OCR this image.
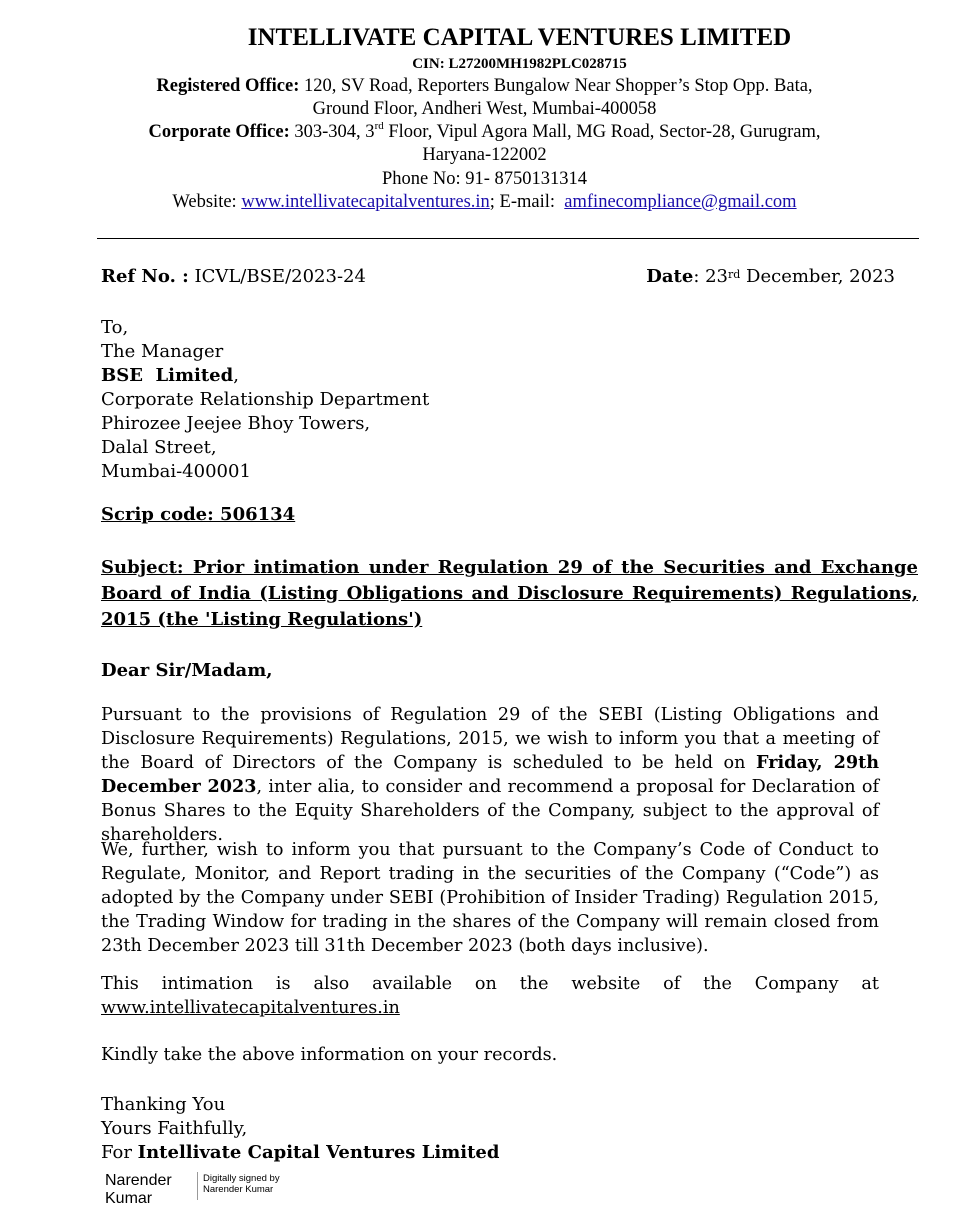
INTELLIVATE CAPITAL VENTURES LIMITED
CIN: L27200MH1982PLC028715
Registered Office: 120, SV Road, Reporters Bungalow Near Shopper’s Stop Opp. Bata,
Ground Floor, Andheri West, Mumbai-400058
Corporate Office: 303-304, 3rd Floor, Vipul Agora Mall, MG Road, Sector-28, Gurugram,
Haryana-122002
Phone No: 91- 8750131314
Website: www.intellivatecapitalventures.in; E-mail: amfinecompliance@gmail.com
Ref No. : ICVL/BSE/2023-24	Date: 23rd December, 2023
To,
The Manager
BSE  Limited,
Corporate Relationship Department
Phirozee Jeejee Bhoy Towers,
Dalal Street,
Mumbai-400001
Scrip code: 506134
Subject: Prior intimation under Regulation 29 of the Securities and Exchange Board of India (Listing Obligations and Disclosure Requirements) Regulations, 2015 (the 'Listing Regulations')
Dear Sir/Madam,
Pursuant to the provisions of Regulation 29 of the SEBI (Listing Obligations and Disclosure Requirements) Regulations, 2015, we wish to inform you that a meeting of the Board of Directors of the Company is scheduled to be held on Friday, 29th December 2023, inter alia, to consider and recommend a proposal for Declaration of Bonus Shares to the Equity Shareholders of the Company, subject to the approval of shareholders.
We, further, wish to inform you that pursuant to the Company’s Code of Conduct to Regulate, Monitor, and Report trading in the securities of the Company (“Code”) as adopted by the Company under SEBI (Prohibition of Insider Trading) Regulation 2015, the Trading Window for trading in the shares of the Company will remain closed from 23th December 2023 till 31th December 2023 (both days inclusive).
This intimation is also available on the website of the Company at www.intellivatecapitalventures.in
Kindly take the above information on your records.
Thanking You
Yours Faithfully,
For Intellivate Capital Ventures Limited
Narender
Kumar
Digitally signed by
Narender Kumar
